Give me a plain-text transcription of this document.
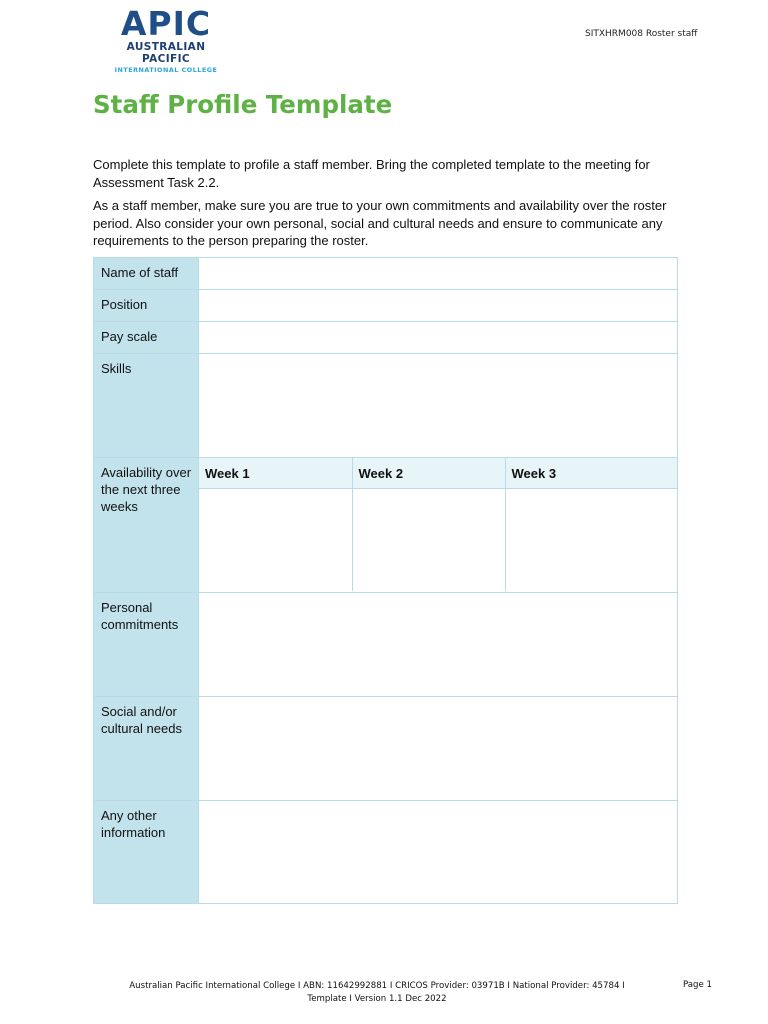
APIC
AUSTRALIAN PACIFIC
INTERNATIONAL COLLEGE
SITXHRM008 Roster staff
Staff Profile Template

Complete this template to profile a staff member. Bring the completed template to the meeting for Assessment Task 2.2.

As a staff member, make sure you are true to your own commitments and availability over the roster period. Also consider your own personal, social and cultural needs and ensure to communicate any requirements to the person preparing the roster.

Name of staff	
Position	
Pay scale	
Skills	
Availability over the next three weeks	
Week 1	Week 2	Week 3

Personal commitments	
Social and/or cultural needs	
Any other information	
Australian Pacific International College I ABN: 11642992881 I CRICOS Provider: 03971B I National Provider: 45784 I
Template I Version 1.1 Dec 2022
Page 1
